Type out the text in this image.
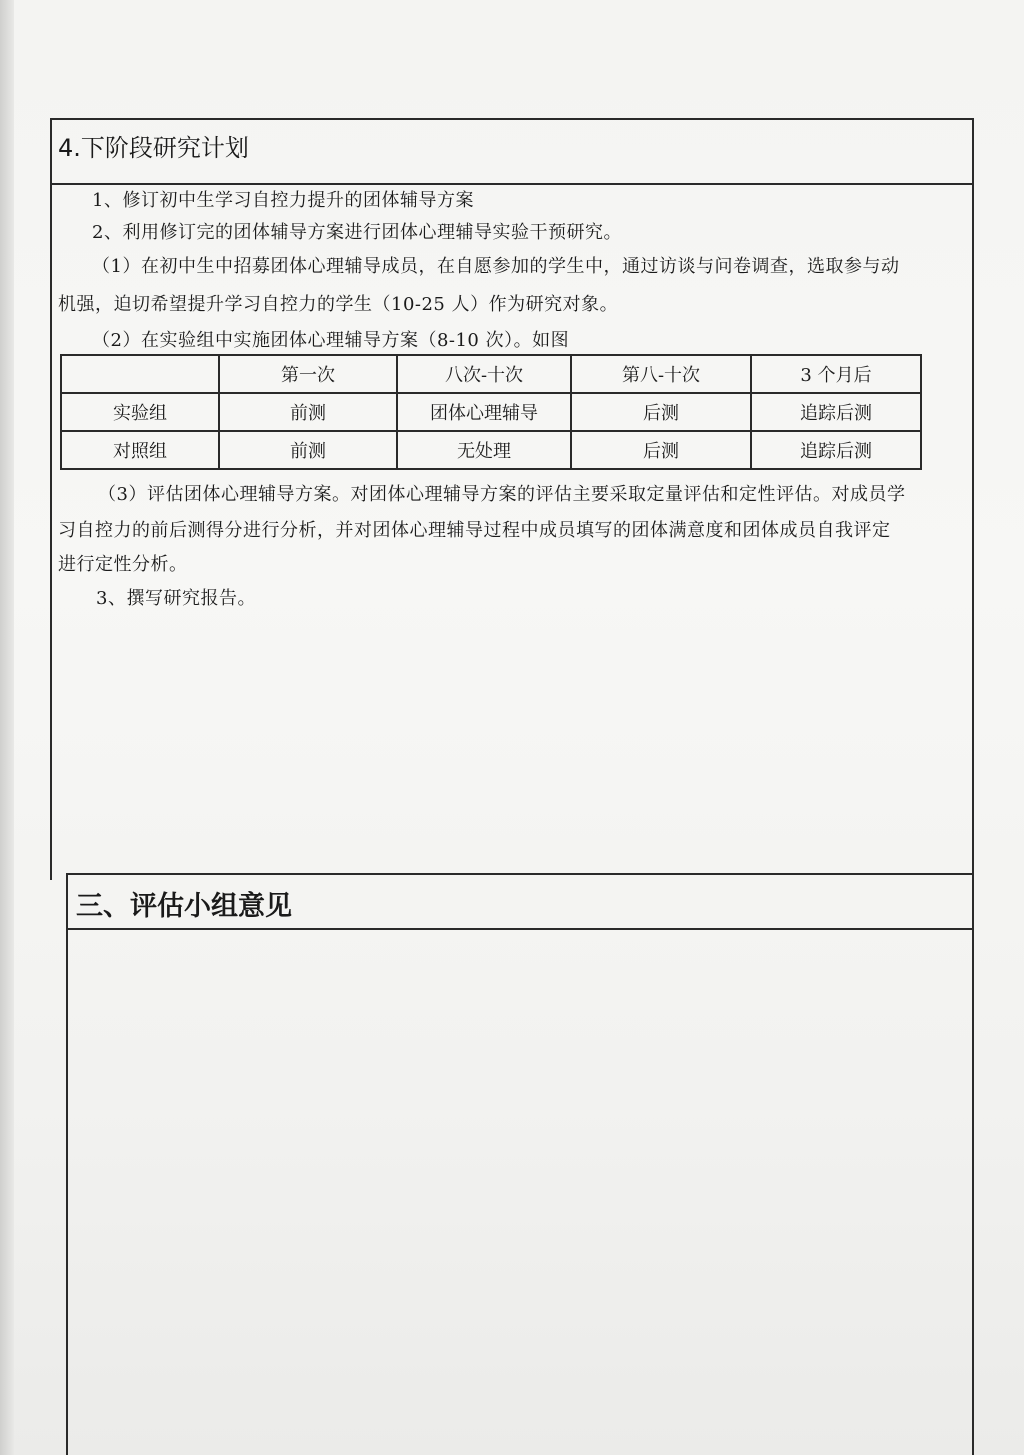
4.下阶段研究计划
1、修订初中生学习自控力提升的团体辅导方案
2、利用修订完的团体辅导方案进行团体心理辅导实验干预研究。
（1）在初中生中招募团体心理辅导成员，在自愿参加的学生中，通过访谈与问卷调查，选取参与动
机强，迫切希望提升学习自控力的学生（10-25 人）作为研究对象。
（2）在实验组中实施团体心理辅导方案（8-10 次）。如图
	第一次	八次-十次	第八-十次	3 个月后
实验组	前测	团体心理辅导	后测	追踪后测
对照组	前测	无处理	后测	追踪后测
（3）评估团体心理辅导方案。对团体心理辅导方案的评估主要采取定量评估和定性评估。对成员学
习自控力的前后测得分进行分析，并对团体心理辅导过程中成员填写的团体满意度和团体成员自我评定
进行定性分析。
3、撰写研究报告。
三、评估小组意见
